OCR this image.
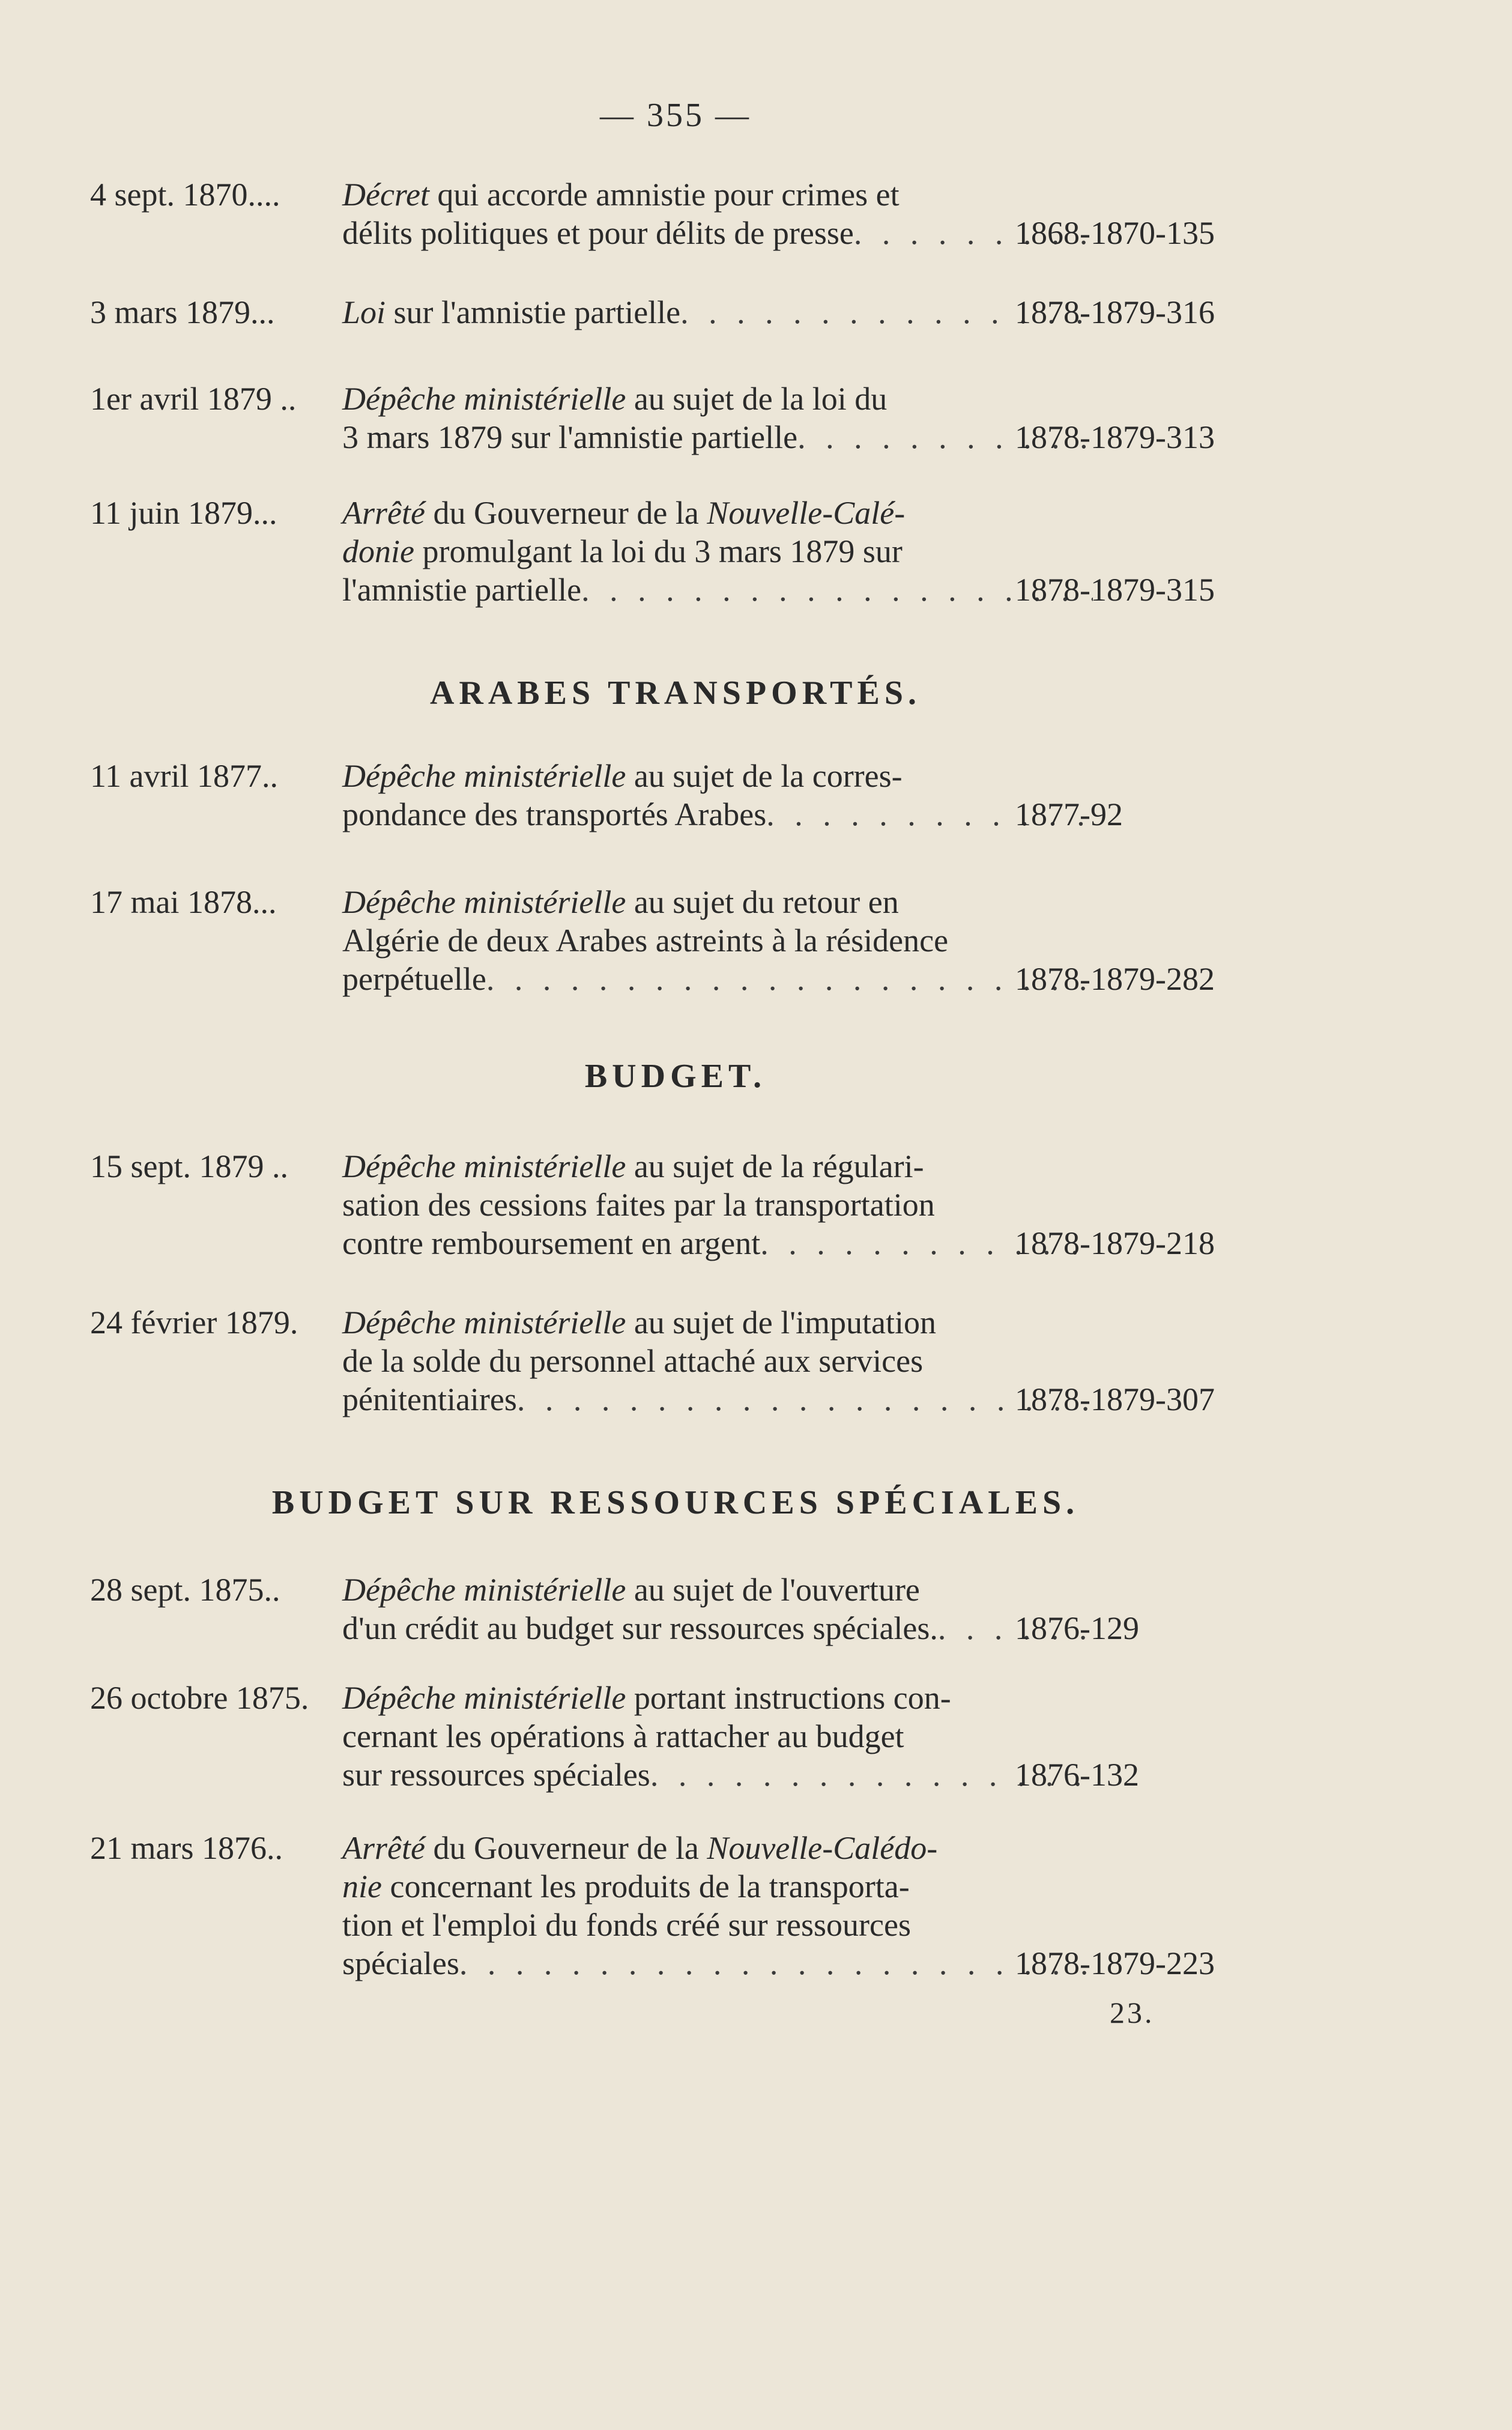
— 355 —
4 sept. 1870....	Décret qui accorde amnistie pour crimes et
délits politiques et pour délits de presse . . .	1868-1870-135
3 mars 1879...	Loi sur l'amnistie partielle . . .	1878-1879-316
1er avril 1879 ..	Dépêche ministérielle au sujet de la loi du
3 mars 1879 sur l'amnistie partielle . . .	1878-1879-313
11 juin 1879...	Arrêté du Gouverneur de la Nouvelle-Calé-
donie promulgant la loi du 3 mars 1879 sur
l'amnistie partielle . . .	1878-1879-315
ARABES TRANSPORTÉS.
11 avril 1877..	Dépêche ministérielle au sujet de la corres-
pondance des transportés Arabes . . .	1877-92
17 mai 1878...	Dépêche ministérielle au sujet du retour en
Algérie de deux Arabes astreints à la résidence
perpétuelle . . .	1878-1879-282
BUDGET.
15 sept. 1879 ..	Dépêche ministérielle au sujet de la régulari-
sation des cessions faites par la transportation
contre remboursement en argent . . .	1878-1879-218
24 février 1879.	Dépêche ministérielle au sujet de l'imputation
de la solde du personnel attaché aux services
pénitentiaires . . .	1878-1879-307
BUDGET SUR RESSOURCES SPÉCIALES.
28 sept. 1875..	Dépêche ministérielle au sujet de l'ouverture
d'un crédit au budget sur ressources spéciales. . . . 1876-129
26 octobre 1875.	Dépêche ministérielle portant instructions con-
cernant les opérations à rattacher au budget
sur ressources spéciales . . .	1876-132
21 mars 1876..	Arrêté du Gouverneur de la Nouvelle-Calédo-
nie concernant les produits de la transporta-
tion et l'emploi du fonds créé sur ressources
spéciales . . .	1878-1879-223
23.
